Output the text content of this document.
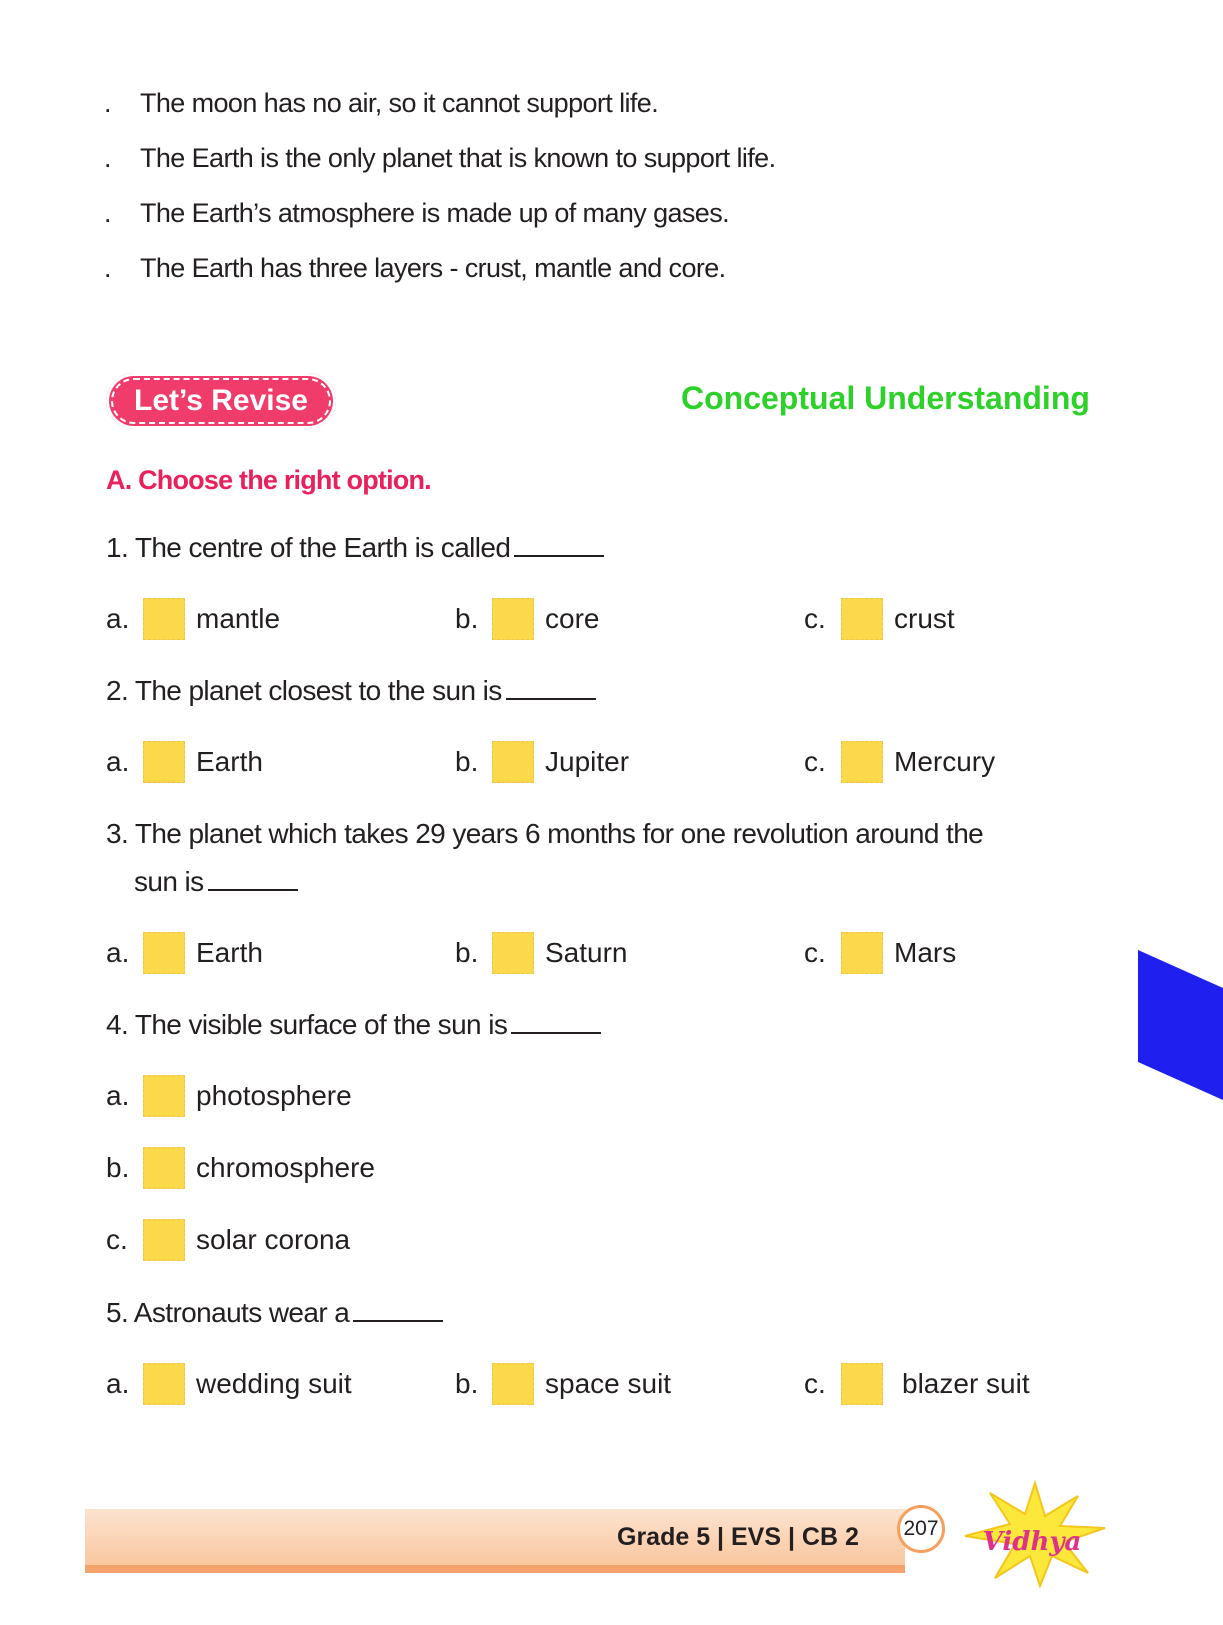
. The moon has no air, so it cannot support life.
. The Earth is the only planet that is known to support life.
. The Earth’s atmosphere is made up of many gases.
. The Earth has three layers - crust, mantle and core.
Let’s Revise	Conceptual Understanding
A. Choose the right option.
1. The centre of the Earth is called
a. mantle	b. core	c. crust
2. The planet closest to the sun is
a. Earth	b. Jupiter	c. Mercury
3. The planet which takes 29 years 6 months for one revolution around the
sun is
a. Earth	b. Saturn	c. Mars
4. The visible surface of the sun is
a. photosphere
b. chromosphere
c. solar corona
5. Astronauts wear a
a. wedding suit	b. space suit	c.	blazer suit
Grade 5 | EVS | CB 2	207 Vidhya
